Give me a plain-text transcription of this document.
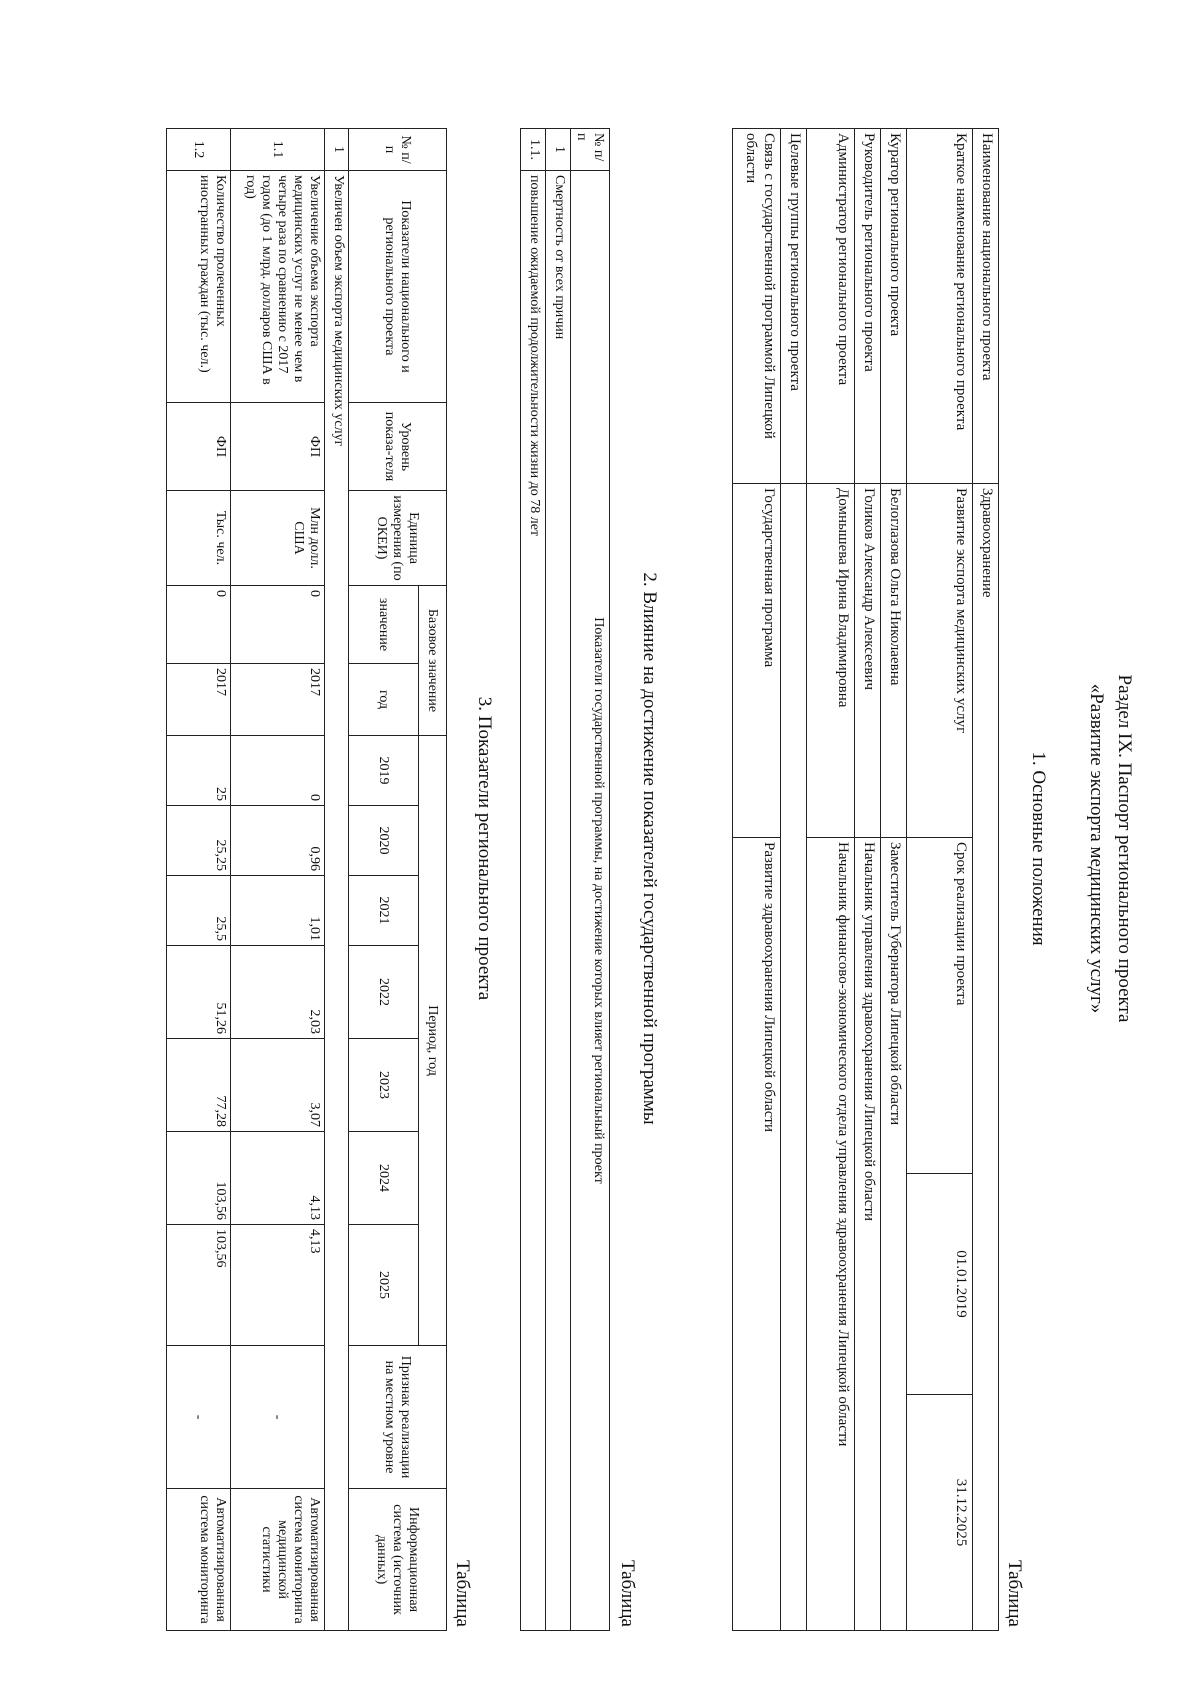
Раздел IX. Паспорт регионального проекта
«Развитие экспорта медицинских услуг»
1. Основные положения
Таблица
Наименование национального проекта	Здравоохранение			
Краткое наименование регионального проекта	Развитие экспорта медицинских услуг	Срок реализации проекта	01.01.2019	31.12.2025
Куратор регионального проекта	Белоглазова Ольга Николаевна	Заместитель Губернатора Липецкой области		
Руководитель регионального проекта	Голиков Александр Алексеевич	Начальник управления здравоохранения Липецкой области		
Администратор регионального проекта	Домнышева Ирина Владимировна	Начальник финансово-экономического отдела управления здравоохранения Липецкой области		
Целевые группы регионального проекта				
Связь с государственной программой Липецкой области	Государственная программа	Развитие здравоохранения Липецкой области		
2. Влияние на достижение показателей государственной программы
Таблица
№ п/п	Показатели государственной программы, на достижение которых влияет региональный проект
1	Смертность от всех причин
1.1.	повышение ожидаемой продолжительности жизни до 78 лет
3. Показатели регионального проекта
Таблица
№ п/п	Показатели национального и регионального проекта	Уровень показа-теля	Единица измерения (по ОКЕИ)	Базовое значение		Период, год							Признак реализации на местном уровне	Информационная система (источник данных)
				значение	год	2019	2020	2021	2022	2023	2024	2025		
1	Увеличен объем экспорта медицинских услуг													
1.1	Увеличение объема экспорта медицинских услуг не менее чем в четыре раза по сравнению с 2017 годом (до 1 млрд. долларов США в год)	ФП	Млн долл. США	0	2017	0	0,96	1,01	2,03	3,07	4,13	4,13	-	Автоматизированная система мониторинга медицинской статистики
1.2	Количество пролеченных иностранных граждан (тыс. чел.)	ФП	Тыс. чел.	0	2017	25	25,25	25,5	51,26	77,28	103,56	103,56	-	Автоматизированная система мониторинга
